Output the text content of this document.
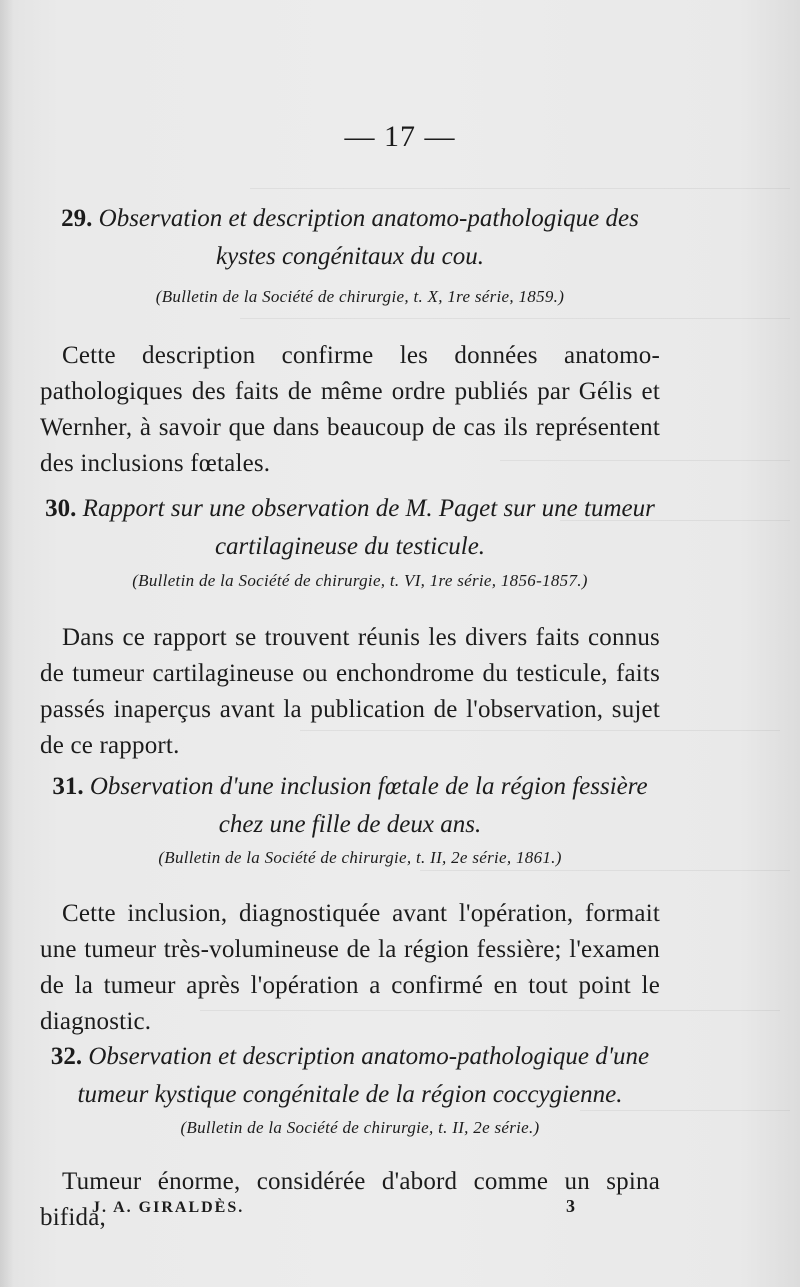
— 17 —
29. Observation et description anatomo-pathologique des kystes congénitaux du cou.
(Bulletin de la Société de chirurgie, t. X, 1re série, 1859.)
Cette description confirme les données anatomo-pathologiques des faits de même ordre publiés par Gélis et Wernher, à savoir que dans beaucoup de cas ils représentent des inclusions fœtales.
30. Rapport sur une observation de M. Paget sur une tumeur cartilagineuse du testicule.
(Bulletin de la Société de chirurgie, t. VI, 1re série, 1856-1857.)
Dans ce rapport se trouvent réunis les divers faits connus de tumeur cartilagineuse ou enchondrome du testicule, faits passés inaperçus avant la publication de l'observation, sujet de ce rapport.
31. Observation d'une inclusion fœtale de la région fessière chez une fille de deux ans.
(Bulletin de la Société de chirurgie, t. II, 2e série, 1861.)
Cette inclusion, diagnostiquée avant l'opération, formait une tumeur très-volumineuse de la région fessière; l'examen de la tumeur après l'opération a confirmé en tout point le diagnostic.
32. Observation et description anatomo-pathologique d'une tumeur kystique congénitale de la région coccygienne.
(Bulletin de la Société de chirurgie, t. II, 2e série.)
Tumeur énorme, considérée d'abord comme un spina bifida,
J. A. GIRALDÈS.	3
